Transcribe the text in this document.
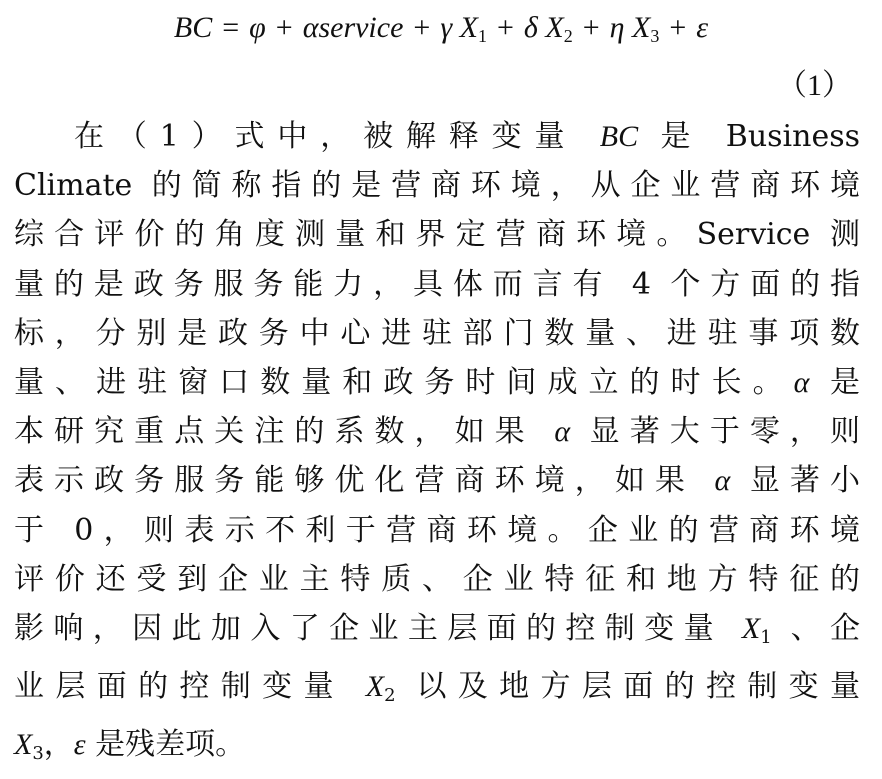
BC = φ + αservice + γ $X_1 + \delta$ $X_2 + \eta$ $X_3 + \varepsilon$
（1）
在（1）式中，被解释变量 BC 是 Business
Climate 的简称指的是营商环境，从企业营商环境
综合评价的角度测量和界定营商环境。Service 测
量的是政务服务能力，具体而言有 4 个方面的指
标，分别是政务中心进驻部门数量、进驻事项数
量、进驻窗口数量和政务时间成立的时长。α 是
本研究重点关注的系数，如果 α 显著大于零，则
表示政务服务能够优化营商环境，如果 α 显著小
于 0，则表示不利于营商环境。企业的营商环境
评价还受到企业主特质、企业特征和地方特征的
影响，因此加入了企业主层面的控制变量 $X_1$ 、企
业层面的控制变量 $X_2$ 以及地方层面的控制变量
$X_3$，ε 是残差项。
